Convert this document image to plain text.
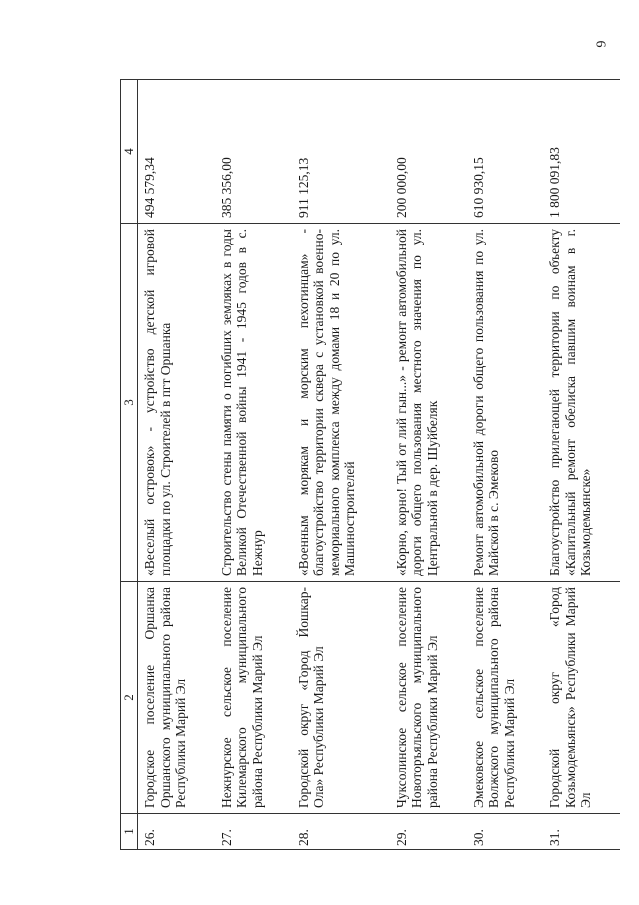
6
1	2	3	4
26.	Городское поселение Оршанка Оршанского муниципального района Республики Марий Эл	«Веселый островок» - устройство детской игровой площадки по ул. Строителей в пгт Оршанка	494 579,34
27.	Нежнурское сельское поселение Килемарского муниципального района Республики Марий Эл	Строительство стены памяти о погибших земляках в годы Великой Отечественной войны 1941 - 1945 годов в с. Нежнур	385 356,00
28.	Городской округ «Город Йошкар-Ола» Республики Марий Эл	«Военным морякам и морским пехотинцам» - благоустройство территории сквера с установкой военно-мемориального комплекса между домами 18 и 20 по ул. Машиностроителей	911 125,13
29.	Чуксолинское сельское поселение Новоторъяльского муниципального района Республики Марий Эл	«Корно, корно! Тый от лий гын...» - ремонт автомобильной дороги общего пользования местного значения по ул. Центральной в дер. Шуйбеляк	200 000,00
30.	Эмековское сельское поселение Волжского муниципального района Республики Марий Эл	Ремонт автомобильной дороги общего пользования по ул. Майской в с. Эмеково	610 930,15
31.	Городской округ «Город Козьмодемьянск» Республики Марий Эл	Благоустройство прилегающей территории по объекту «Капитальный ремонт обелиска павшим воинам в г. Козьмодемьянске»	1 800 091,83
